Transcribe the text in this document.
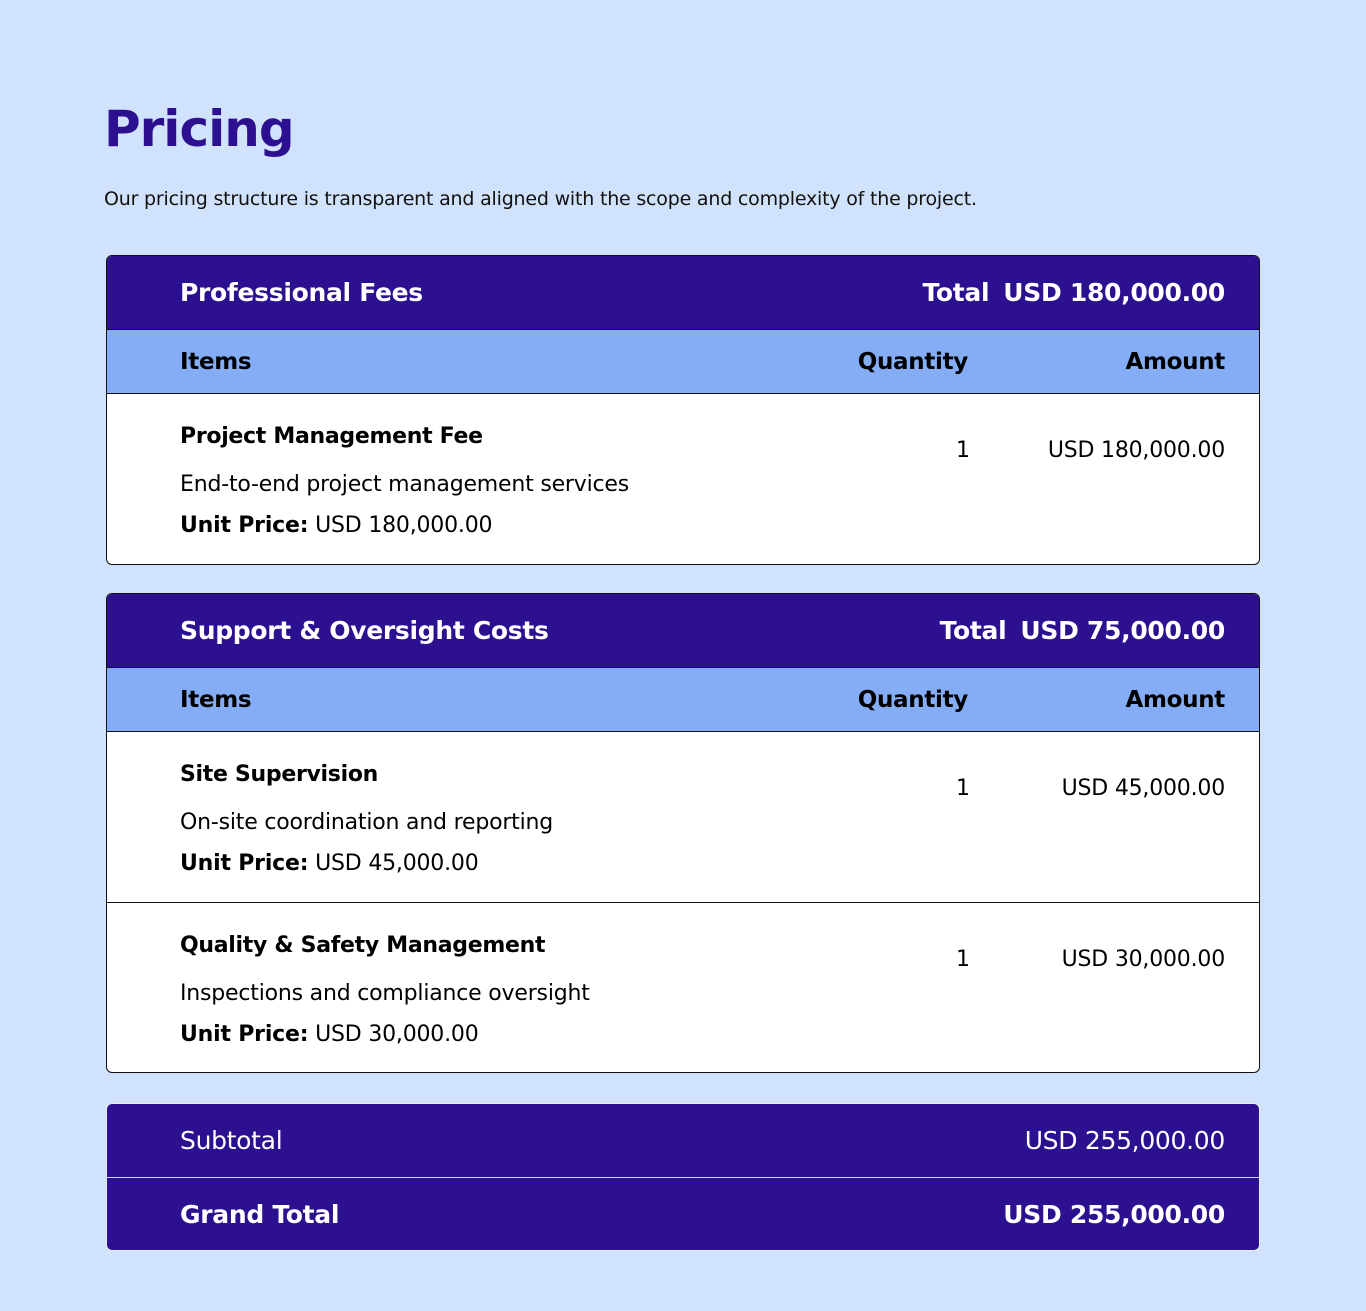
Pricing

Our pricing structure is transparent and aligned with the scope and complexity of the project.

Professional Fees	Total USD 180,000.00
Items	Quantity	Amount
Project Management Fee
End-to-end project management services
Unit Price: USD 180,000.00
1	USD 180,000.00
Support & Oversight Costs	Total USD 75,000.00
Items	Quantity	Amount
Site Supervision
On-site coordination and reporting
Unit Price: USD 45,000.00
1	USD 45,000.00
Quality & Safety Management
Inspections and compliance oversight
Unit Price: USD 30,000.00
1	USD 30,000.00
Subtotal	USD 255,000.00
Grand Total	USD 255,000.00
